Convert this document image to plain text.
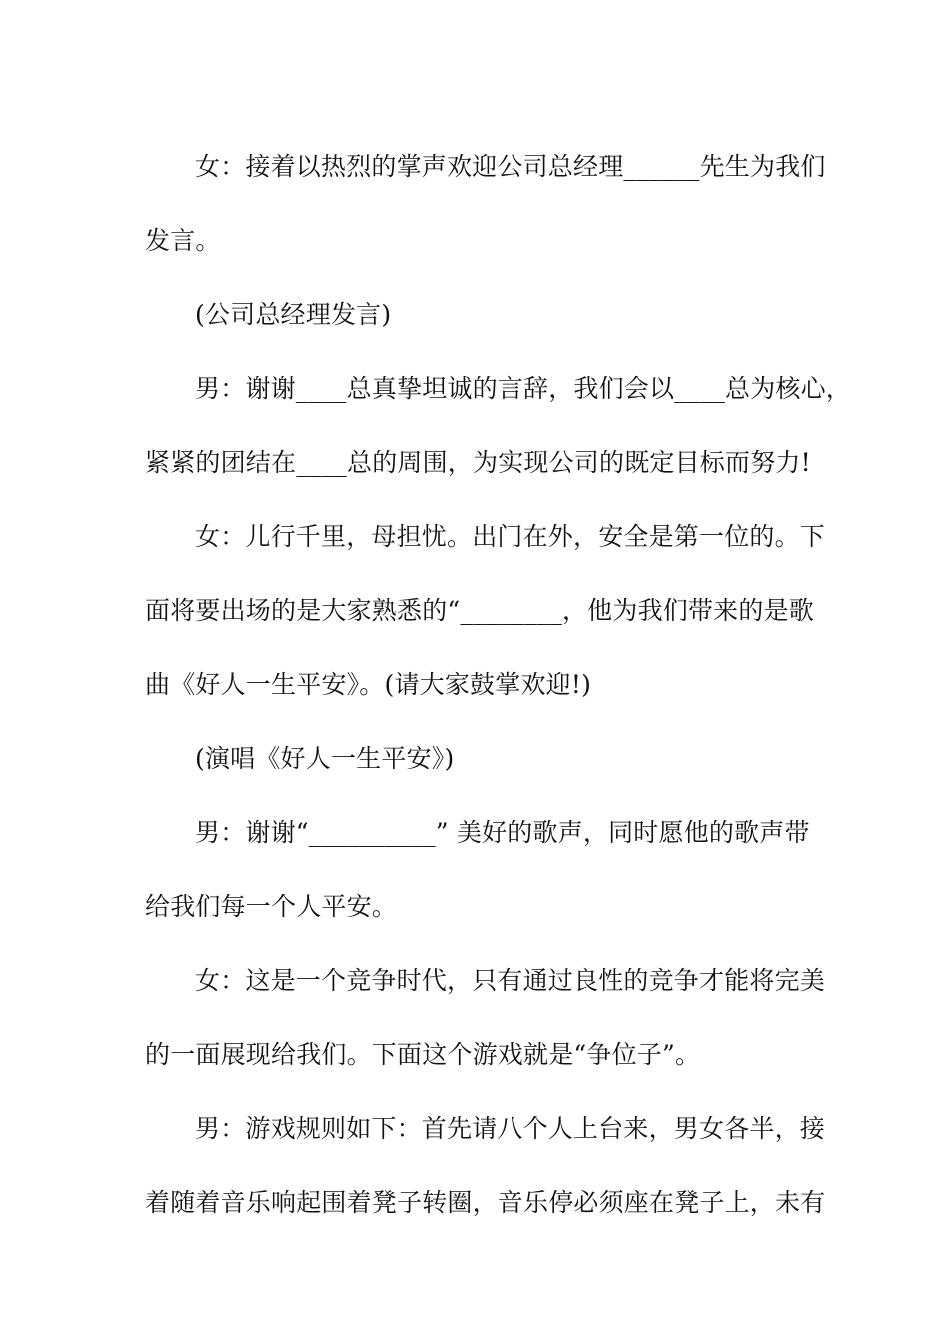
女：接着以热烈的掌声欢迎公司总经理______先生为我们
发言。
(公司总经理发言)
男：谢谢____总真挚坦诚的言辞，我们会以____总为核心，
紧紧的团结在____总的周围，为实现公司的既定目标而努力!
女：儿行千里，母担忧。出门在外，安全是第一位的。下
面将要出场的是大家熟悉的“________，他为我们带来的是歌
曲《好人一生平安》。(请大家鼓掌欢迎!)
(演唱《好人一生平安》)
男：谢谢“__________” 美好的歌声，同时愿他的歌声带
给我们每一个人平安。
女：这是一个竞争时代，只有通过良性的竞争才能将完美
的一面展现给我们。下面这个游戏就是“争位子”。
男：游戏规则如下：首先请八个人上台来，男女各半，接
着随着音乐响起围着凳子转圈，音乐停必须座在凳子上，未有
